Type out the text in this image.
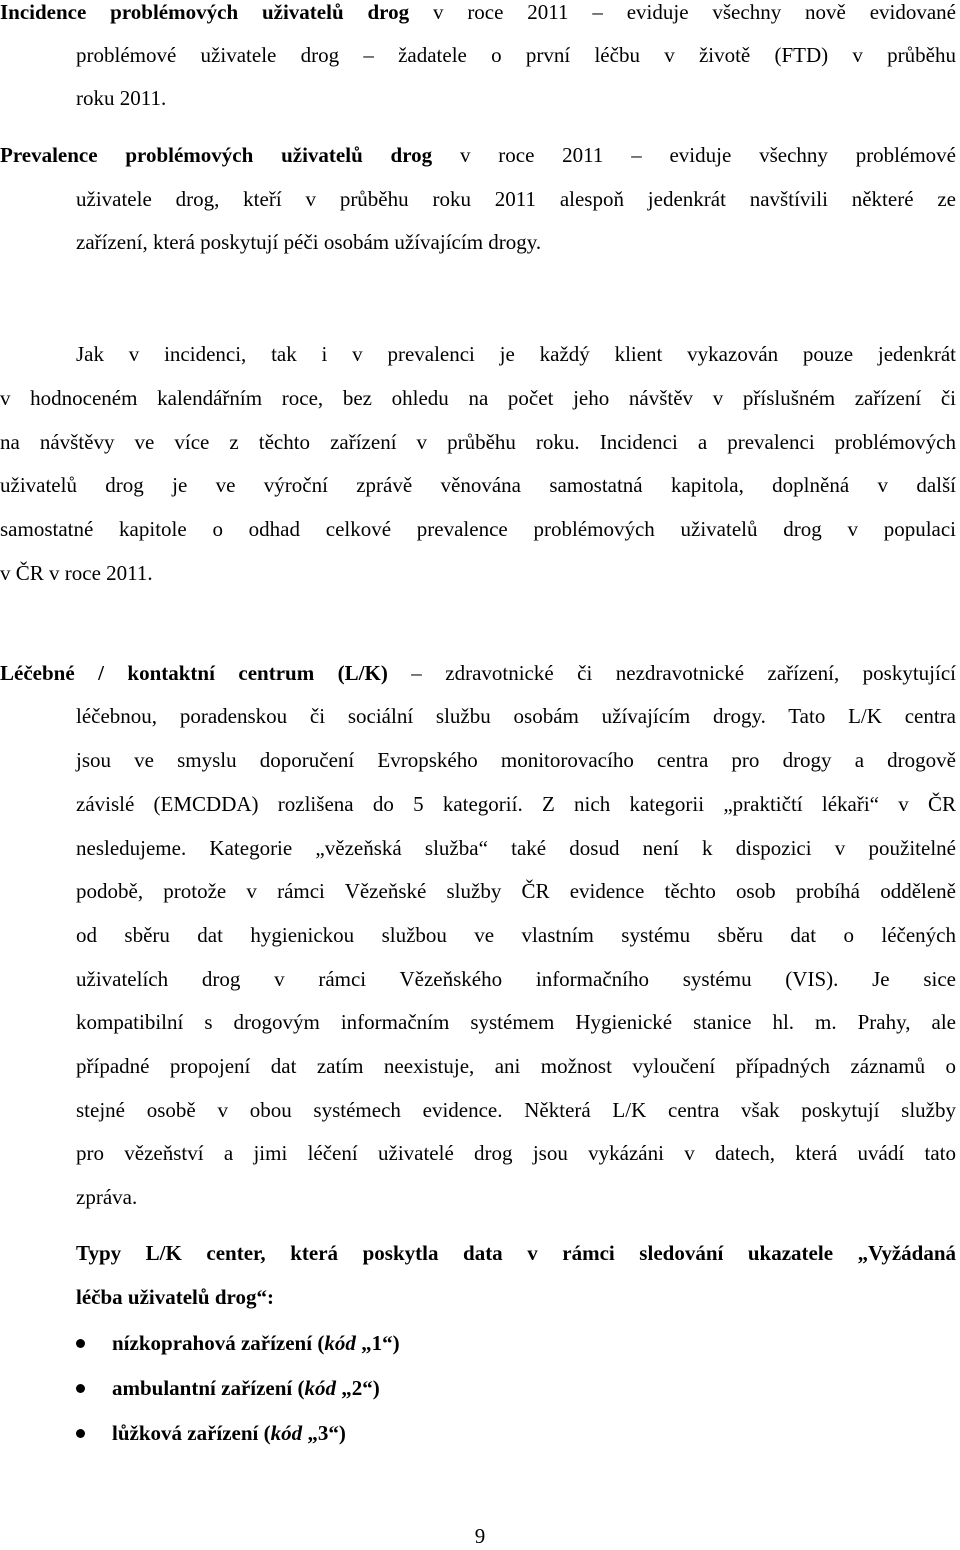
Incidence problémových uživatelů drog v roce 2011 – eviduje všechny nově evidované
problémové uživatele drog – žadatele o první léčbu v životě (FTD) v průběhu
roku 2011.
Prevalence problémových uživatelů drog v roce 2011 – eviduje všechny problémové
uživatele drog, kteří v průběhu roku 2011 alespoň jedenkrát navštívili některé ze
zařízení, která poskytují péči osobám užívajícím drogy.
Jak v incidenci, tak i v prevalenci je každý klient vykazován pouze jedenkrát
v hodnoceném kalendářním roce, bez ohledu na počet jeho návštěv v příslušném zařízení či
na návštěvy ve více z těchto zařízení v průběhu roku. Incidenci a prevalenci problémových
uživatelů drog je ve výroční zprávě věnována samostatná kapitola, doplněná v další
samostatné kapitole o odhad celkové prevalence problémových uživatelů drog v populaci
v ČR v roce 2011.
Léčebné / kontaktní centrum (L/K) – zdravotnické či nezdravotnické zařízení, poskytující
léčebnou, poradenskou či sociální službu osobám užívajícím drogy. Tato L/K centra
jsou ve smyslu doporučení Evropského monitorovacího centra pro drogy a drogově
závislé (EMCDDA) rozlišena do 5 kategorií. Z nich kategorii „praktičtí lékaři“ v ČR
nesledujeme. Kategorie „vězeňská služba“ také dosud není k dispozici v použitelné
podobě, protože v rámci Vězeňské služby ČR evidence těchto osob probíhá odděleně
od sběru dat hygienickou službou ve vlastním systému sběru dat o léčených
uživatelích drog v rámci Vězeňského informačního systému (VIS). Je sice
kompatibilní s drogovým informačním systémem Hygienické stanice hl. m. Prahy, ale
případné propojení dat zatím neexistuje, ani možnost vyloučení případných záznamů o
stejné osobě v obou systémech evidence. Některá L/K centra však poskytují služby
pro vězeňství a jimi léčení uživatelé drog jsou vykázáni v datech, která uvádí tato
zpráva.
Typy L/K center, která poskytla data v rámci sledování ukazatele „Vyžádaná
léčba uživatelů drog“:
nízkoprahová zařízení (kód „1“)
ambulantní zařízení (kód „2“)
lůžková zařízení (kód „3“)
9
